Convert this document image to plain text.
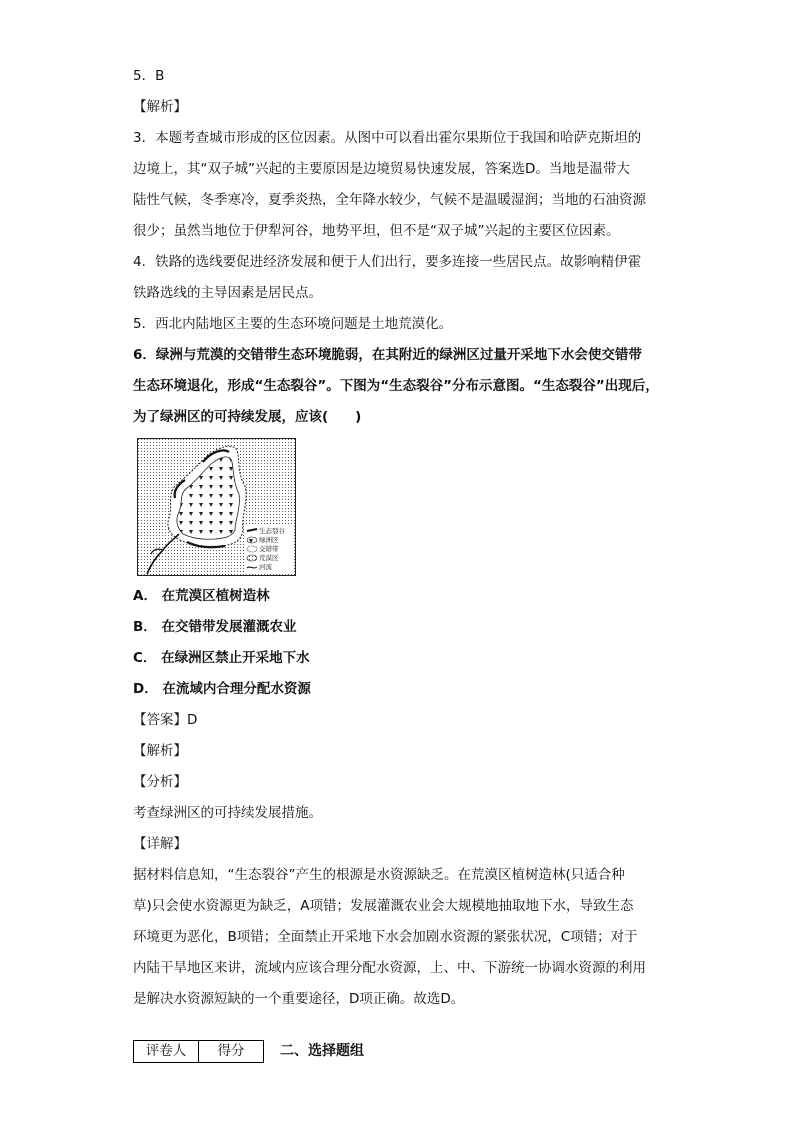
5．B
【解析】
3．本题考查城市形成的区位因素。从图中可以看出霍尔果斯位于我国和哈萨克斯坦的
边境上，其“双子城”兴起的主要原因是边境贸易快速发展，答案选D。当地是温带大
陆性气候，冬季寒冷，夏季炎热，全年降水较少，气候不是温暖湿润；当地的石油资源
很少；虽然当地位于伊犁河谷，地势平坦，但不是“双子城”兴起的主要区位因素。
4．铁路的选线要促进经济发展和便于人们出行，要多连接一些居民点。故影响精伊霍
铁路选线的主导因素是居民点。
5．西北内陆地区主要的生态环境问题是土地荒漠化。
6．绿洲与荒漠的交错带生态环境脆弱，在其附近的绿洲区过量开采地下水会使交错带
生态环境退化，形成“生态裂谷”。下图为“生态裂谷”分布示意图。“生态裂谷”出现后，
为了绿洲区的可持续发展，应该(　　)
生态裂谷
绿洲区
交错带
荒漠区
河流
A． 在荒漠区植树造林
B． 在交错带发展灌溉农业
C． 在绿洲区禁止开采地下水
D． 在流域内合理分配水资源
【答案】D
【解析】
【分析】
考查绿洲区的可持续发展措施。
【详解】
据材料信息知，“生态裂谷”产生的根源是水资源缺乏。在荒漠区植树造林(只适合种
草)只会使水资源更为缺乏，A项错；发展灌溉农业会大规模地抽取地下水，导致生态
环境更为恶化，B项错；全面禁止开采地下水会加剧水资源的紧张状况，C项错；对于
内陆干旱地区来讲，流域内应该合理分配水资源，上、中、下游统一协调水资源的利用
是解决水资源短缺的一个重要途径，D项正确。故选D。
评卷人	得分	二、选择题组
